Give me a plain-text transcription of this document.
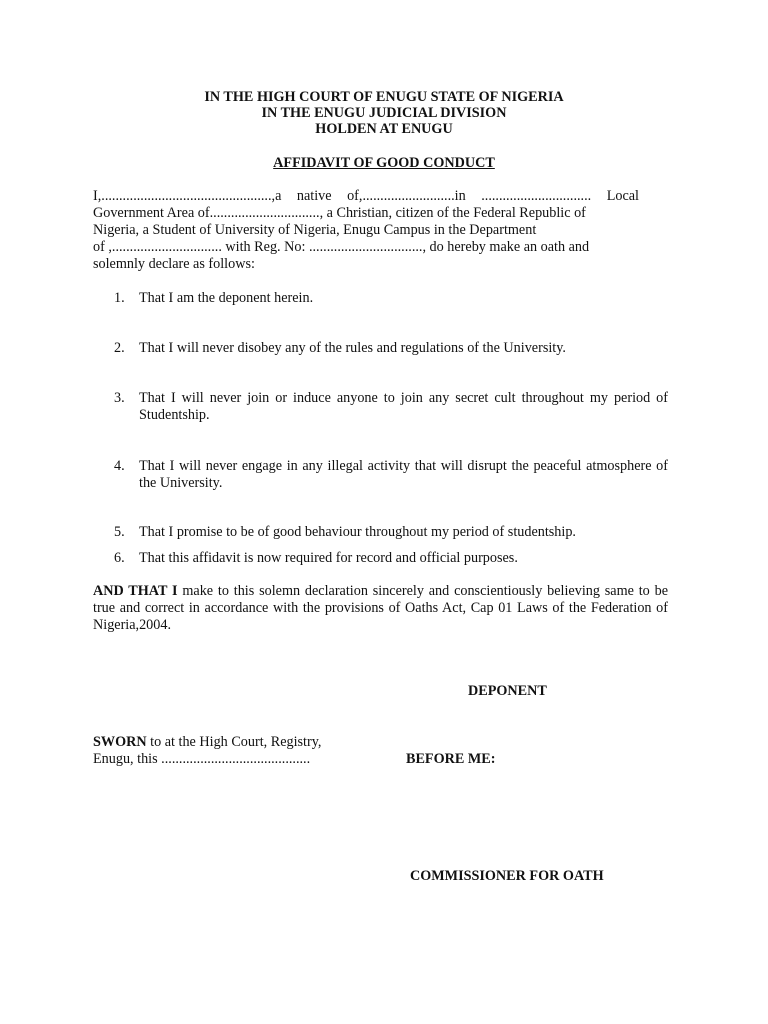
IN THE HIGH COURT OF ENUGU STATE OF NIGERIA
IN THE ENUGU JUDICIAL DIVISION
HOLDEN AT ENUGU
AFFIDAVIT OF GOOD CONDUCT
I,................................................,a native of,..........................in ............................... Local
Government Area of..............................., a Christian, citizen of the Federal Republic of
Nigeria, a Student of University of Nigeria, Enugu Campus in the Department
of ,............................... with Reg. No: ................................, do hereby make an oath and
solemnly declare as follows:
1.	That I am the deponent herein.
2.	That I will never disobey any of the rules and regulations of the University.
3.	That I will never join or induce anyone to join any secret cult throughout my period of Studentship.
4.	That I will never engage in any illegal activity that will disrupt the peaceful atmosphere of the University.
5.	That I promise to be of good behaviour throughout my period of studentship.
6.	That this affidavit is now required for record and official purposes.
AND THAT I make to this solemn declaration sincerely and conscientiously believing same to be true and correct in accordance with the provisions of Oaths Act, Cap 01 Laws of the Federation of Nigeria,2004.
DEPONENT
SWORN to at the High Court, Registry,
Enugu, this ..........................................	BEFORE ME:
COMMISSIONER FOR OATH
